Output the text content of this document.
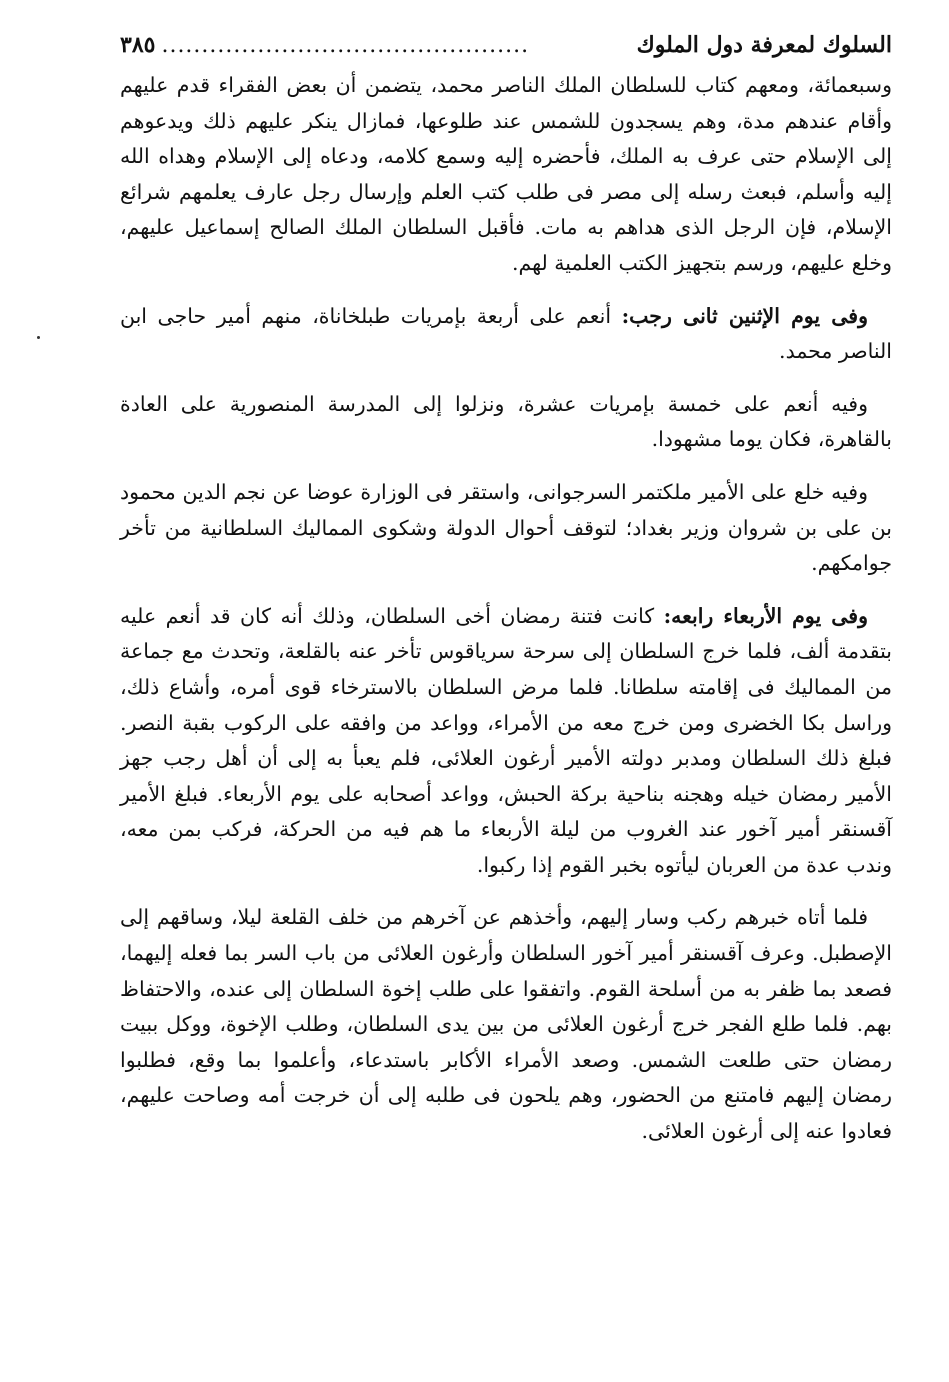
السلوك لمعرفة دول الملوك
..............................................
٣٨٥

وسبعمائة، ومعهم كتاب للسلطان الملك الناصر محمد، يتضمن أن بعض الفقراء قدم عليهم وأقام عندهم مدة، وهم يسجدون للشمس عند طلوعها، فمازال ينكر عليهم ذلك ويدعوهم إلى الإسلام حتى عرف به الملك، فأحضره إليه وسمع كلامه، ودعاه إلى الإسلام وهداه الله إليه وأسلم، فبعث رسله إلى مصر فى طلب كتب العلم وإرسال رجل عارف يعلمهم شرائع الإسلام، فإن الرجل الذى هداهم به مات. فأقبل السلطان الملك الصالح إسماعيل عليهم، وخلع عليهم، ورسم بتجهيز الكتب العلمية لهم.

وفى يوم الإثنين ثانى رجب: أنعم على أربعة بإمريات طبلخاناة، منهم أمير حاجى ابن الناصر محمد.

وفيه أنعم على خمسة بإمريات عشرة، ونزلوا إلى المدرسة المنصورية على العادة بالقاهرة، فكان يوما مشهودا.

وفيه خلع على الأمير ملكتمر السرجوانى، واستقر فى الوزارة عوضا عن نجم الدين محمود بن على بن شروان وزير بغداد؛ لتوقف أحوال الدولة وشكوى المماليك السلطانية من تأخر جوامكهم.

وفى يوم الأربعاء رابعه: كانت فتنة رمضان أخى السلطان، وذلك أنه كان قد أنعم عليه بتقدمة ألف، فلما خرج السلطان إلى سرحة سرياقوس تأخر عنه بالقلعة، وتحدث مع جماعة من المماليك فى إقامته سلطانا. فلما مرض السلطان بالاسترخاء قوى أمره، وأشاع ذلك، وراسل بكا الخضرى ومن خرج معه من الأمراء، وواعد من وافقه على الركوب بقبة النصر. فبلغ ذلك السلطان ومدبر دولته الأمير أرغون العلائى، فلم يعبأ به إلى أن أهل رجب جهز الأمير رمضان خيله وهجنه بناحية بركة الحبش، وواعد أصحابه على يوم الأربعاء. فبلغ الأمير آقسنقر أمير آخور عند الغروب من ليلة الأربعاء ما هم فيه من الحركة، فركب بمن معه، وندب عدة من العربان ليأتوه بخبر القوم إذا ركبوا.

فلما أتاه خبرهم ركب وسار إليهم، وأخذهم عن آخرهم من خلف القلعة ليلا، وساقهم إلى الإصطبل. وعرف آقسنقر أمير آخور السلطان وأرغون العلائى من باب السر بما فعله إليهما، فصعد بما ظفر به من أسلحة القوم. واتفقوا على طلب إخوة السلطان إلى عنده، والاحتفاظ بهم. فلما طلع الفجر خرج أرغون العلائى من بين يدى السلطان، وطلب الإخوة، ووكل ببيت رمضان حتى طلعت الشمس. وصعد الأمراء الأكابر باستدعاء، وأعلموا بما وقع، فطلبوا رمضان إليهم فامتنع من الحضور، وهم يلحون فى طلبه إلى أن خرجت أمه وصاحت عليهم، فعادوا عنه إلى أرغون العلائى.
